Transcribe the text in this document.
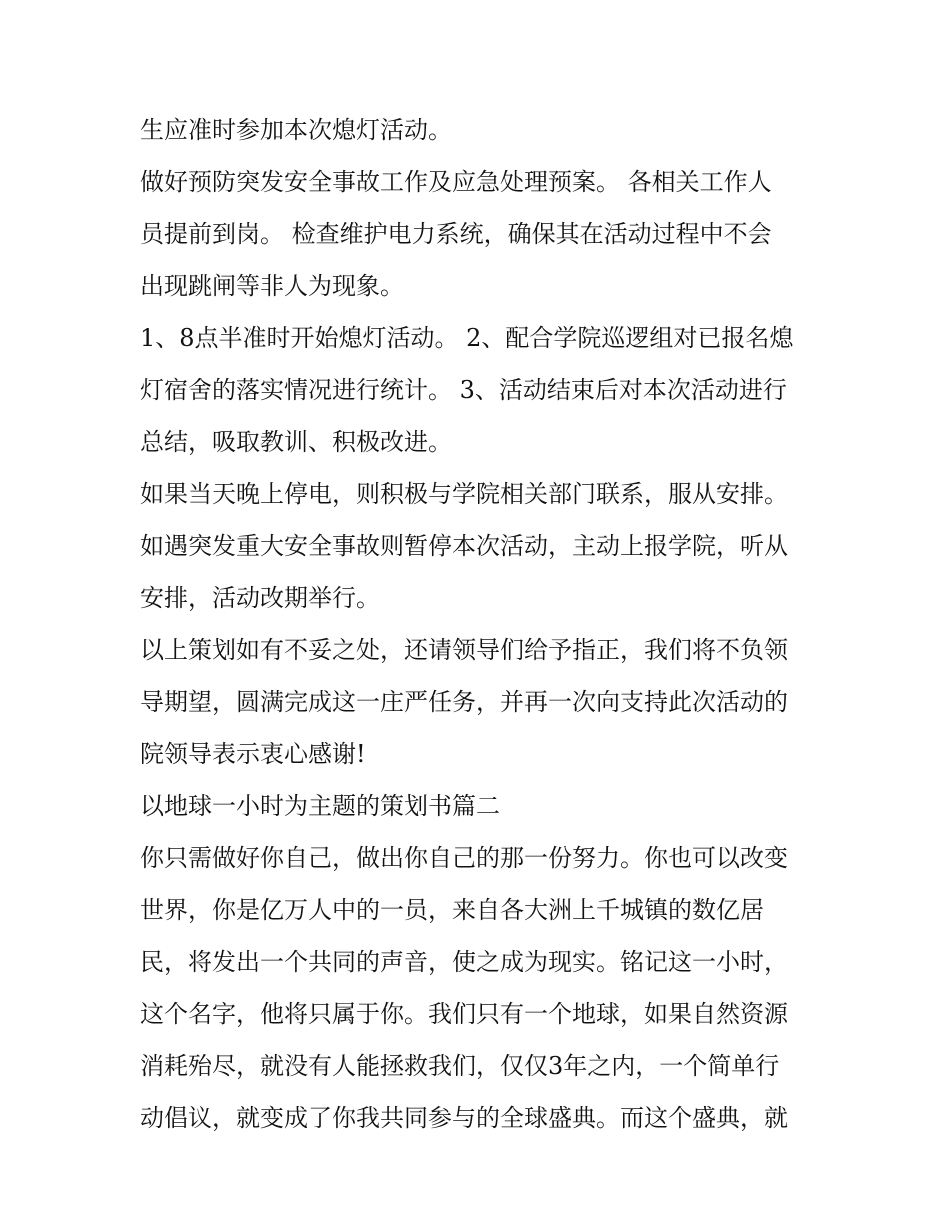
生应准时参加本次熄灯活动。
做好预防突发安全事故工作及应急处理预案。 各相关工作人
员提前到岗。 检查维护电力系统，确保其在活动过程中不会
出现跳闸等非人为现象。
1、8点半准时开始熄灯活动。 2、配合学院巡逻组对已报名熄
灯宿舍的落实情况进行统计。 3、活动结束后对本次活动进行
总结，吸取教训、积极改进。
如果当天晚上停电，则积极与学院相关部门联系，服从安排。
如遇突发重大安全事故则暂停本次活动，主动上报学院，听从
安排，活动改期举行。
以上策划如有不妥之处，还请领导们给予指正，我们将不负领
导期望，圆满完成这一庄严任务，并再一次向支持此次活动的
院领导表示衷心感谢!
以地球一小时为主题的策划书篇二
你只需做好你自己，做出你自己的那一份努力。你也可以改变
世界，你是亿万人中的一员，来自各大洲上千城镇的数亿居
民，将发出一个共同的声音，使之成为现实。铭记这一小时，
这个名字，他将只属于你。我们只有一个地球，如果自然资源
消耗殆尽，就没有人能拯救我们，仅仅3年之内，一个简单行
动倡议，就变成了你我共同参与的全球盛典。而这个盛典，就
